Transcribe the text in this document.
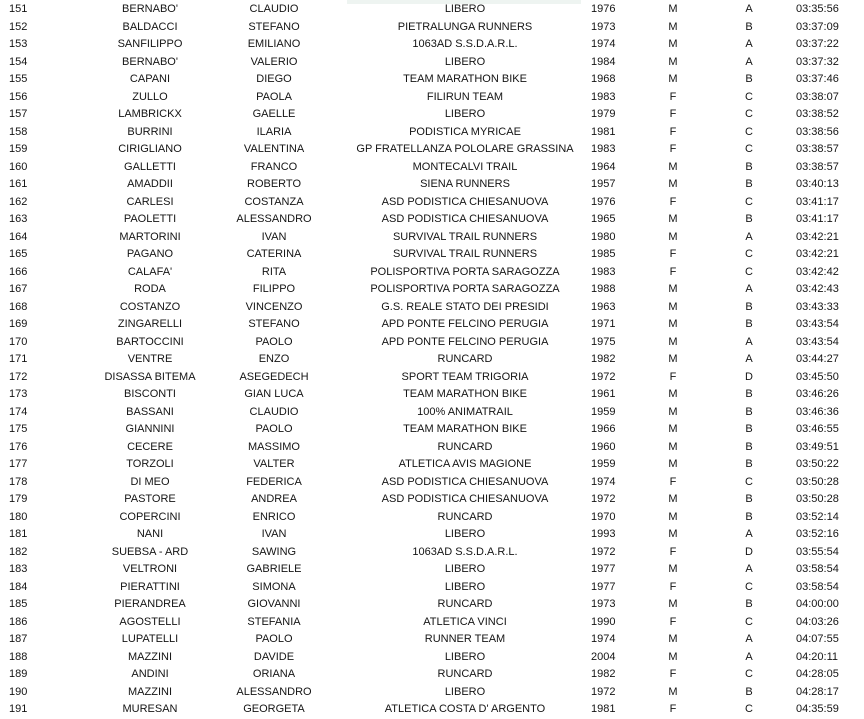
151	BERNABO'	CLAUDIO	LIBERO	1976	M	A	03:35:56
152	BALDACCI	STEFANO	PIETRALUNGA RUNNERS	1973	M	B	03:37:09
153	SANFILIPPO	EMILIANO	1063AD S.S.D.A.R.L.	1974	M	A	03:37:22
154	BERNABO'	VALERIO	LIBERO	1984	M	A	03:37:32
155	CAPANI	DIEGO	TEAM MARATHON BIKE	1968	M	B	03:37:46
156	ZULLO	PAOLA	FILIRUN TEAM	1983	F	C	03:38:07
157	LAMBRICKX	GAELLE	LIBERO	1979	F	C	03:38:52
158	BURRINI	ILARIA	PODISTICA MYRICAE	1981	F	C	03:38:56
159	CIRIGLIANO	VALENTINA	GP FRATELLANZA POLOLARE GRASSINA	1983	F	C	03:38:57
160	GALLETTI	FRANCO	MONTECALVI TRAIL	1964	M	B	03:38:57
161	AMADDII	ROBERTO	SIENA RUNNERS	1957	M	B	03:40:13
162	CARLESI	COSTANZA	ASD PODISTICA CHIESANUOVA	1976	F	C	03:41:17
163	PAOLETTI	ALESSANDRO	ASD PODISTICA CHIESANUOVA	1965	M	B	03:41:17
164	MARTORINI	IVAN	SURVIVAL TRAIL RUNNERS	1980	M	A	03:42:21
165	PAGANO	CATERINA	SURVIVAL TRAIL RUNNERS	1985	F	C	03:42:21
166	CALAFA'	RITA	POLISPORTIVA PORTA SARAGOZZA	1983	F	C	03:42:42
167	RODA	FILIPPO	POLISPORTIVA PORTA SARAGOZZA	1988	M	A	03:42:43
168	COSTANZO	VINCENZO	G.S. REALE STATO DEI PRESIDI	1963	M	B	03:43:33
169	ZINGARELLI	STEFANO	APD PONTE FELCINO PERUGIA	1971	M	B	03:43:54
170	BARTOCCINI	PAOLO	APD PONTE FELCINO PERUGIA	1975	M	A	03:43:54
171	VENTRE	ENZO	RUNCARD	1982	M	A	03:44:27
172	DISASSA BITEMA	ASEGEDECH	SPORT TEAM TRIGORIA	1972	F	D	03:45:50
173	BISCONTI	GIAN LUCA	TEAM MARATHON BIKE	1961	M	B	03:46:26
174	BASSANI	CLAUDIO	100% ANIMATRAIL	1959	M	B	03:46:36
175	GIANNINI	PAOLO	TEAM MARATHON BIKE	1966	M	B	03:46:55
176	CECERE	MASSIMO	RUNCARD	1960	M	B	03:49:51
177	TORZOLI	VALTER	ATLETICA AVIS MAGIONE	1959	M	B	03:50:22
178	DI MEO	FEDERICA	ASD PODISTICA CHIESANUOVA	1974	F	C	03:50:28
179	PASTORE	ANDREA	ASD PODISTICA CHIESANUOVA	1972	M	B	03:50:28
180	COPERCINI	ENRICO	RUNCARD	1970	M	B	03:52:14
181	NANI	IVAN	LIBERO	1993	M	A	03:52:16
182	SUEBSA - ARD	SAWING	1063AD S.S.D.A.R.L.	1972	F	D	03:55:54
183	VELTRONI	GABRIELE	LIBERO	1977	M	A	03:58:54
184	PIERATTINI	SIMONA	LIBERO	1977	F	C	03:58:54
185	PIERANDREA	GIOVANNI	RUNCARD	1973	M	B	04:00:00
186	AGOSTELLI	STEFANIA	ATLETICA VINCI	1990	F	C	04:03:26
187	LUPATELLI	PAOLO	RUNNER TEAM	1974	M	A	04:07:55
188	MAZZINI	DAVIDE	LIBERO	2004	M	A	04:20:11
189	ANDINI	ORIANA	RUNCARD	1982	F	C	04:28:05
190	MAZZINI	ALESSANDRO	LIBERO	1972	M	B	04:28:17
191	MURESAN	GEORGETA	ATLETICA COSTA D' ARGENTO	1981	F	C	04:35:59
